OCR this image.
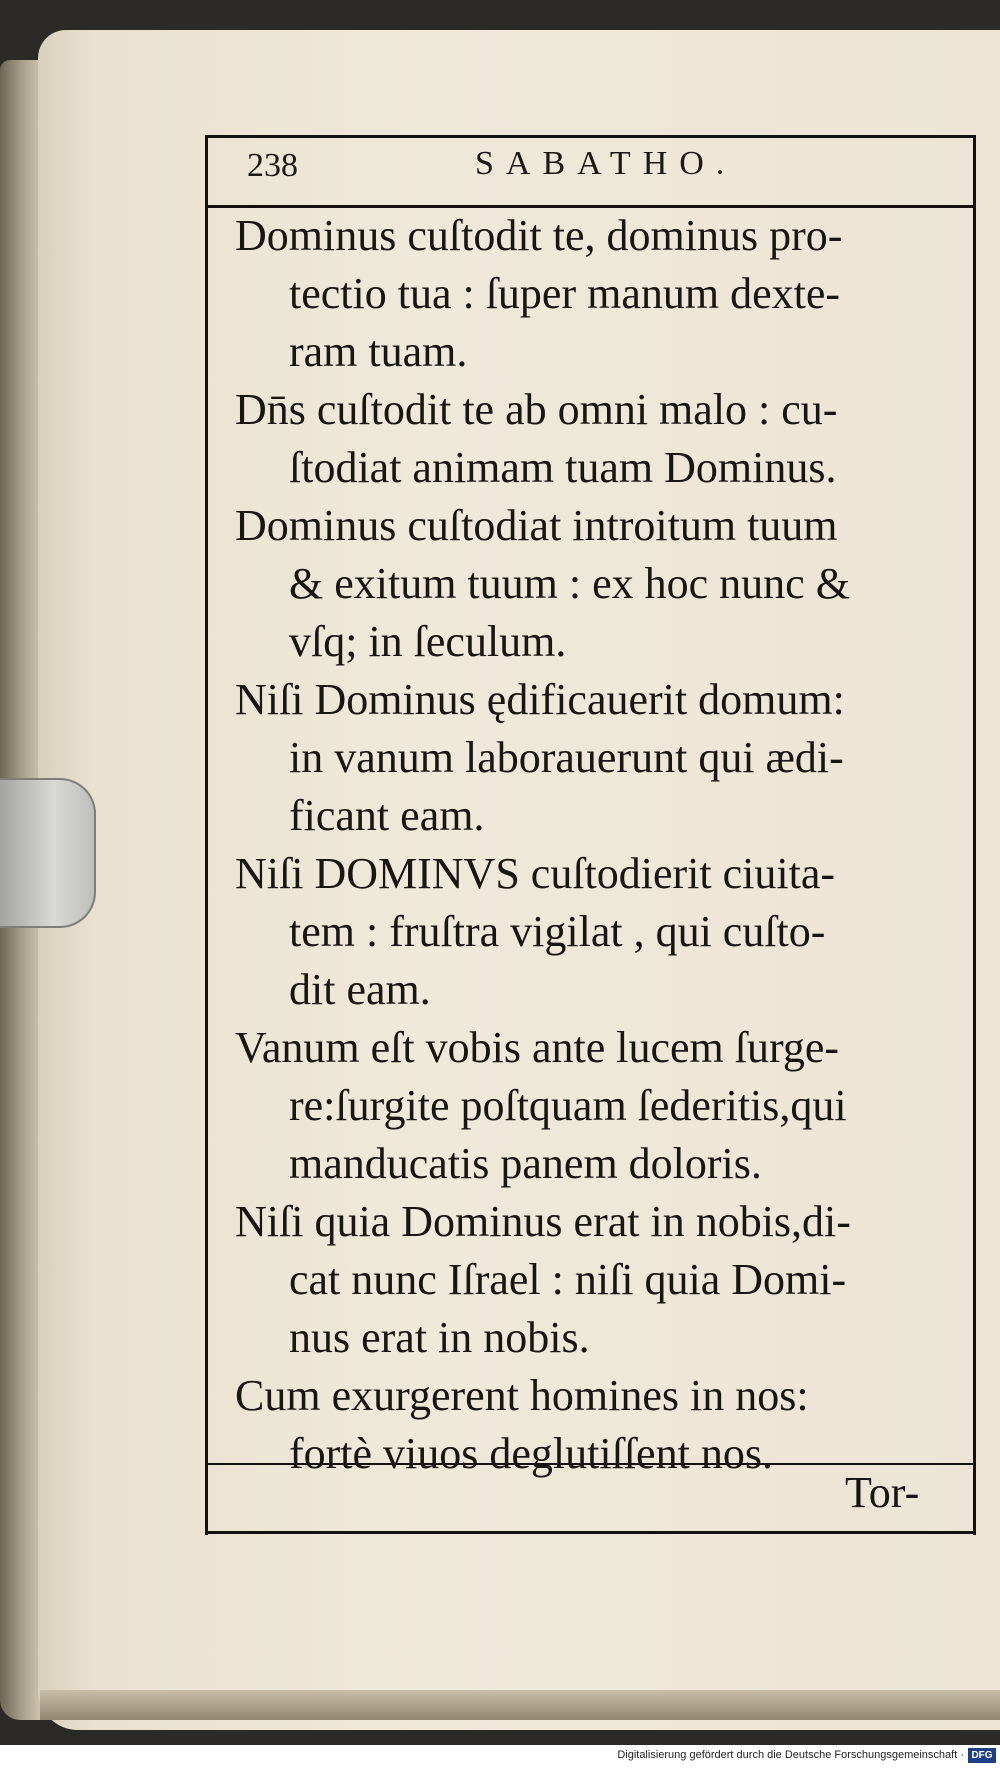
238	SABATHO.

Dominus cuſtodit te, dominus pro-
tectio tua : ſuper manum dexte-
ram tuam.

Dn̄s cuſtodit te ab omni malo : cu-
ſtodiat animam tuam Dominus.

Dominus cuſtodiat introitum tuum
& exitum tuum : ex hoc nunc &
vſq; in ſeculum.

Niſi Dominus ędificauerit domum:
in vanum laborauerunt qui ædi-
ficant eam.

Niſi DOMINVS cuſtodierit ciuita-
tem : fruſtra vigilat , qui cuſto-
dit eam.

Vanum eſt vobis ante lucem ſurge-
re:ſurgite poſtquam ſederitis,qui
manducatis panem doloris.

Niſi quia Dominus erat in nobis,di-
cat nunc Iſrael : niſi quia Domi-
nus erat in nobis.

Cum exurgerent homines in nos:
fortè viuos deglutiſſent nos.

Tor-
Digitalisierung gefördert durch die Deutsche Forschungsgemeinschaft · DFG
